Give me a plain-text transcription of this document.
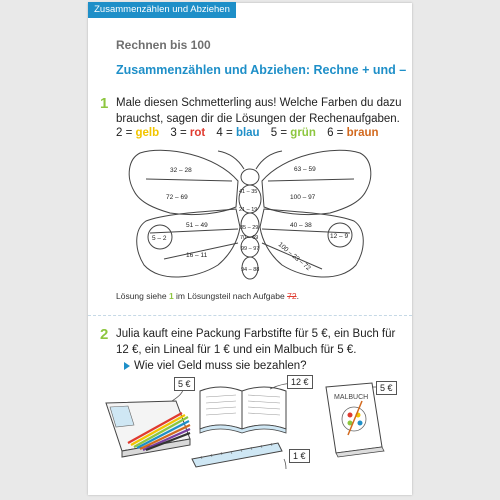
Rechnen bis 100
Zusammenzählen und Abziehen: Rechne + und –
1 Male diesen Schmetterling aus! Welche Farben du dazu
brauchst, sagen dir die Lösungen der Rechenaufgaben.
2 = gelb 3 = rot 4 = blau 5 = grün 6 = braun
32 – 28
72 – 69
51 – 49
5 – 2
16 – 11
63 – 59
100 – 97
40 – 38
12 – 9
100 – 23 – 72
41 – 35
21 – 19
35 – 29
70 – 69
99 – 97
94 – 88
Lösung siehe 1 im Lösungsteil nach Aufgabe 72.
2 Julia kauft eine Packung Farbstifte für 5 €, ein Buch für
12 €, ein Lineal für 1 € und ein Malbuch für 5 €.
Wie viel Geld muss sie bezahlen?
MALBUCH
5 €	12 €
5 €
1 €
Zusammenzählen und Abziehen
